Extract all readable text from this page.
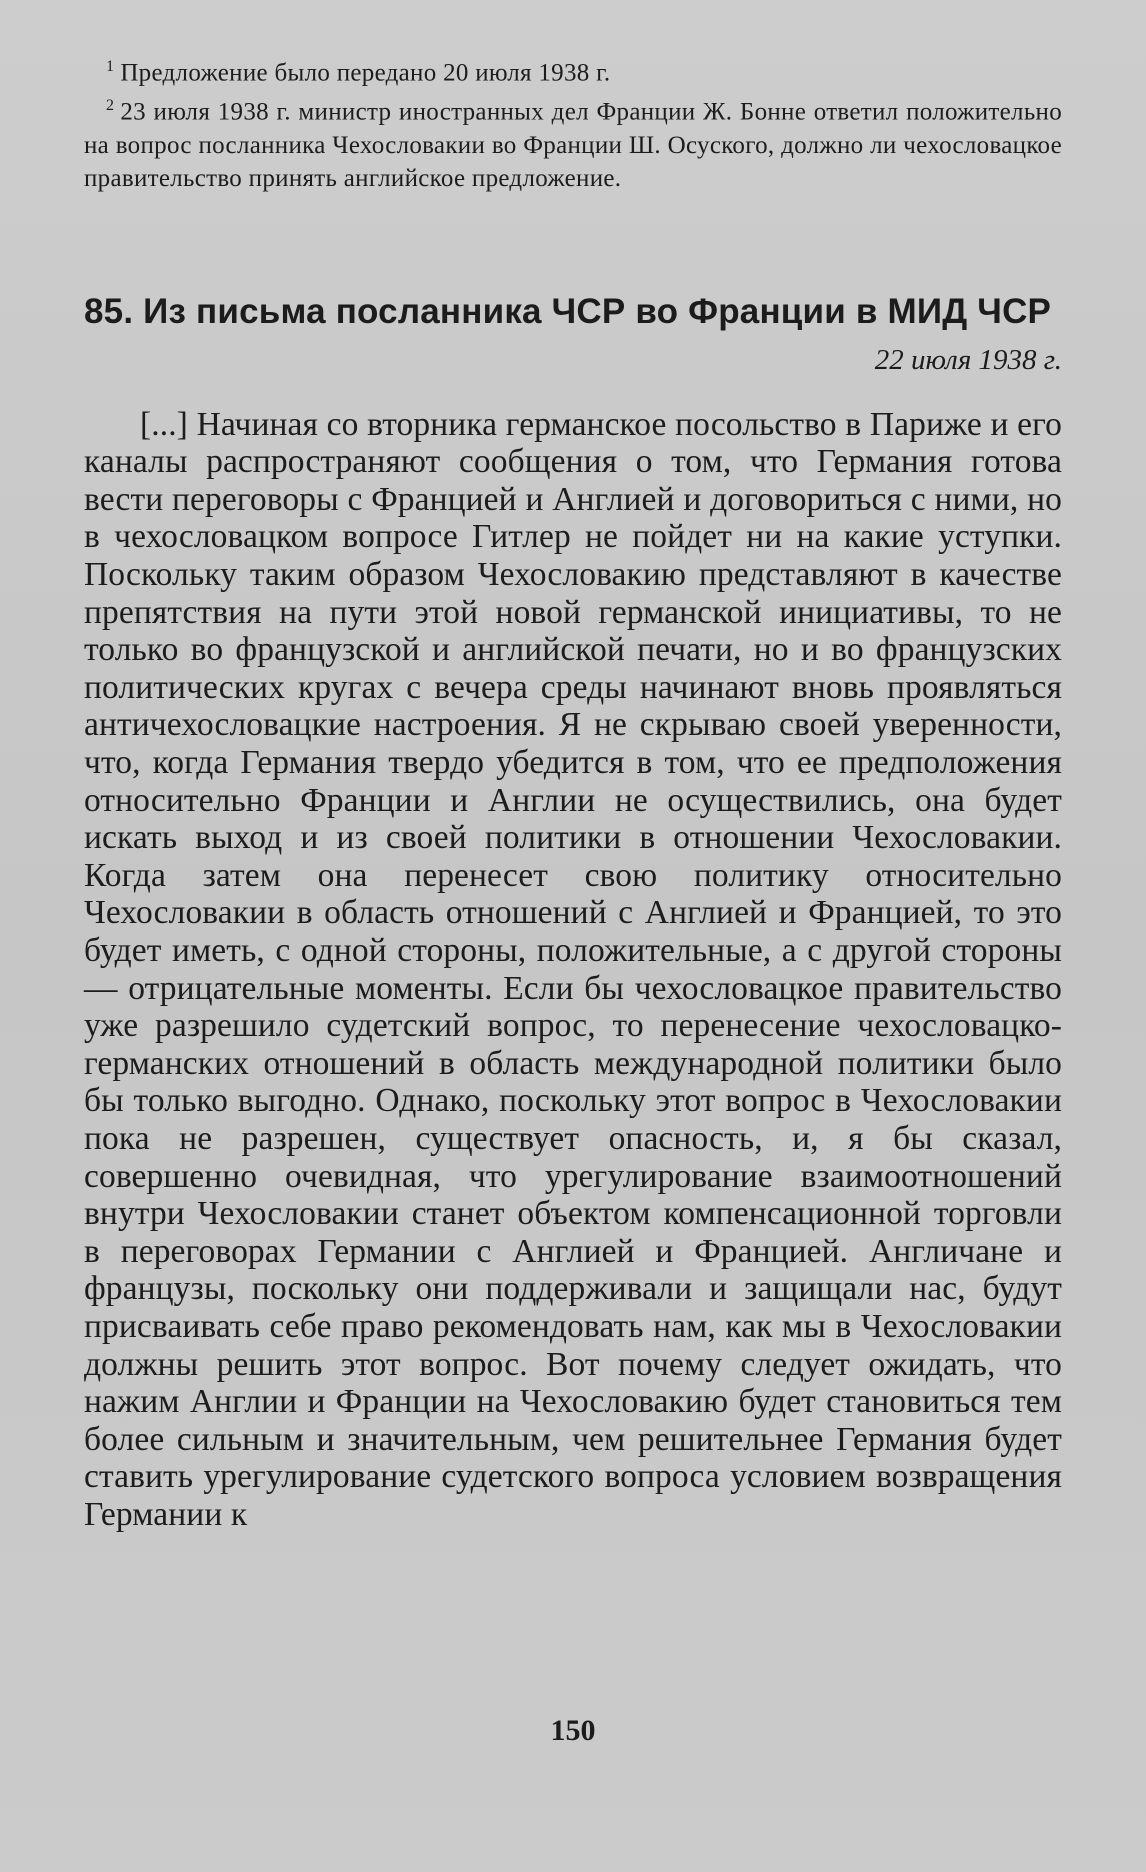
$^1$ Предложение было передано 20 июля 1938 г.

$^2$ 23 июля 1938 г. министр иностранных дел Франции Ж. Бонне ответил положительно на вопрос посланника Чехословакии во Франции Ш. Осуского, должно ли чехословацкое правительство принять английское предложение.

85. Из письма посланника ЧСР во Франции в МИД ЧСР

22 июля 1938 г.

[...] Начиная со вторника германское посольство в Париже и его каналы распространяют сообщения о том, что Германия готова вести переговоры с Францией и Англией и договориться с ними, но в чехословацком вопросе Гитлер не пойдет ни на какие уступки. Поскольку таким образом Чехословакию представляют в качестве препятствия на пути этой новой германской инициативы, то не только во французской и английской печати, но и во французских политических кругах с вечера среды начинают вновь проявляться античехословацкие настроения. Я не скрываю своей уверенности, что, когда Германия твердо убедится в том, что ее предположения относительно Франции и Англии не осуществились, она будет искать выход и из своей политики в отношении Чехословакии. Когда затем она перенесет свою политику относительно Чехословакии в область отношений с Англией и Францией, то это будет иметь, с одной стороны, положительные, а с другой стороны — отрицательные моменты. Если бы чехословацкое правительство уже разрешило судетский вопрос, то перенесение чехословацко-германских отношений в область международной политики было бы только выгодно. Однако, поскольку этот вопрос в Чехословакии пока не разрешен, существует опасность, и, я бы сказал, совершенно очевидная, что урегулирование взаимоотношений внутри Чехословакии станет объектом компенсационной торговли в переговорах Германии с Англией и Францией. Англичане и французы, поскольку они поддерживали и защищали нас, будут присваивать себе право рекомендовать нам, как мы в Чехословакии должны решить этот вопрос. Вот почему следует ожидать, что нажим Англии и Франции на Чехословакию будет становиться тем более сильным и значительным, чем решительнее Германия будет ставить урегулирование судетского вопроса условием возвращения Германии к

150
